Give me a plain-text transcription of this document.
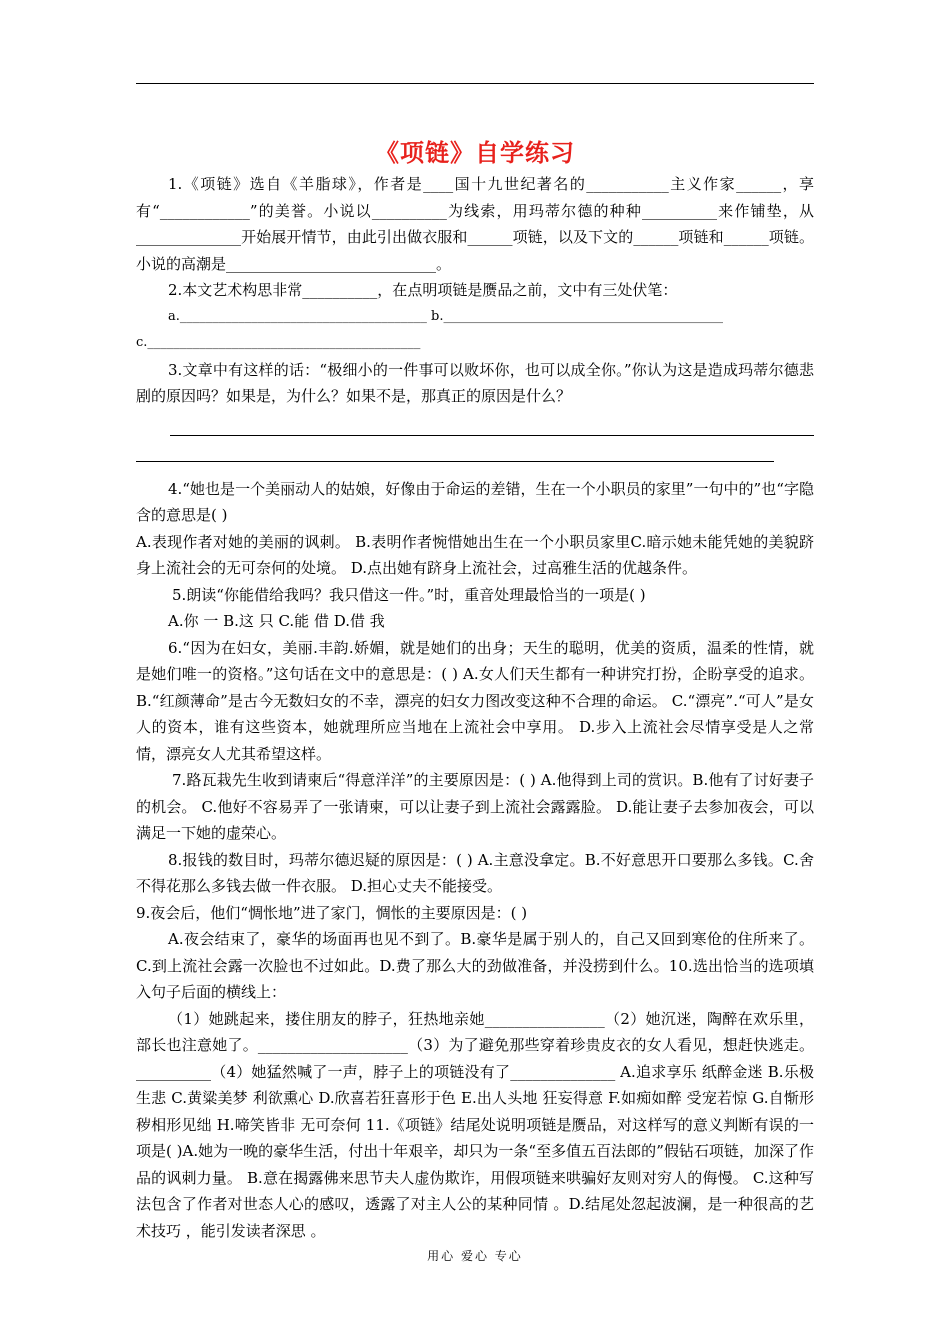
《项链》自学练习

1.《项链》选自《羊脂球》，作者是____国十九世纪著名的___________主义作家______，享有“____________”的美誉。小说以__________为线索，用玛蒂尔德的种种__________来作铺垫，从______________开始展开情节，由此引出做衣服和______项链，以及下文的______项链和______项链。小说的高潮是____________________________。

2.本文艺术构思非常__________，在点明项链是赝品之前，文中有三处伏笔：

a.______________________________________ b.___________________________________________

c.__________________________________________

3.文章中有这样的话：“极细小的一件事可以败坏你，也可以成全你。”你认为这是造成玛蒂尔德悲剧的原因吗？如果是，为什么？如果不是，那真正的原因是什么？

4.“她也是一个美丽动人的姑娘，好像由于命运的差错，生在一个小职员的家里”一句中的”也“字隐含的意思是( )

A.表现作者对她的美丽的讽刺。 B.表明作者惋惜她出生在一个小职员家里C.暗示她未能凭她的美貌跻身上流社会的无可奈何的处境。 D.点出她有跻身上流社会，过高雅生活的优越条件。

5.朗读“你能借给我吗？我只借这一件。”时，重音处理最恰当的一项是( )

A.你 一 B.这 只 C.能 借 D.借 我

6.“因为在妇女，美丽.丰韵.娇媚，就是她们的出身；天生的聪明，优美的资质，温柔的性情，就是她们唯一的资格。”这句话在文中的意思是：( ) A.女人们天生都有一种讲究打扮，企盼享受的追求。B.“红颜薄命”是古今无数妇女的不幸，漂亮的妇女力图改变这种不合理的命运。 C.“漂亮”.“可人”是女人的资本，谁有这些资本，她就理所应当地在上流社会中享用。 D.步入上流社会尽情享受是人之常情，漂亮女人尤其希望这样。

7.路瓦栽先生收到请柬后“得意洋洋”的主要原因是：( ) A.他得到上司的赏识。B.他有了讨好妻子的机会。 C.他好不容易弄了一张请柬，可以让妻子到上流社会露露脸。 D.能让妻子去参加夜会，可以满足一下她的虚荣心。

8.报钱的数目时，玛蒂尔德迟疑的原因是：( ) A.主意没拿定。B.不好意思开口要那么多钱。C.舍不得花那么多钱去做一件衣服。 D.担心丈夫不能接受。

9.夜会后，他们“惆怅地”进了家门，惆怅的主要原因是：( )

A.夜会结束了，豪华的场面再也见不到了。B.豪华是属于别人的，自己又回到寒伧的住所来了。C.到上流社会露一次脸也不过如此。D.费了那么大的劲做准备，并没捞到什么。10.选出恰当的选项填入句子后面的横线上：

（1）她跳起来，搂住朋友的脖子，狂热地亲她________________（2）她沉迷，陶醉在欢乐里，部长也注意她了。____________________（3）为了避免那些穿着珍贵皮衣的女人看见，想赶快逃走。__________（4）她猛然喊了一声，脖子上的项链没有了______________ A.追求享乐 纸醉金迷 B.乐极生悲 C.黄粱美梦 利欲熏心 D.欣喜若狂喜形于色 E.出人头地 狂妄得意 F.如痴如醉 受宠若惊 G.自惭形秽相形见绌 H.啼笑皆非 无可奈何 11.《项链》结尾处说明项链是赝品，对这样写的意义判断有误的一项是( )A.她为一晚的豪华生活，付出十年艰辛，却只为一条“至多值五百法郎的”假钻石项链，加深了作品的讽刺力量。 B.意在揭露佛来思节夫人虚伪欺诈，用假项链来哄骗好友则对穷人的侮慢。 C.这种写法包含了作者对世态人心的感叹，透露了对主人公的某种同情 。D.结尾处忽起波澜，是一种很高的艺术技巧 ，能引发读者深思 。

用心 爱心 专心
